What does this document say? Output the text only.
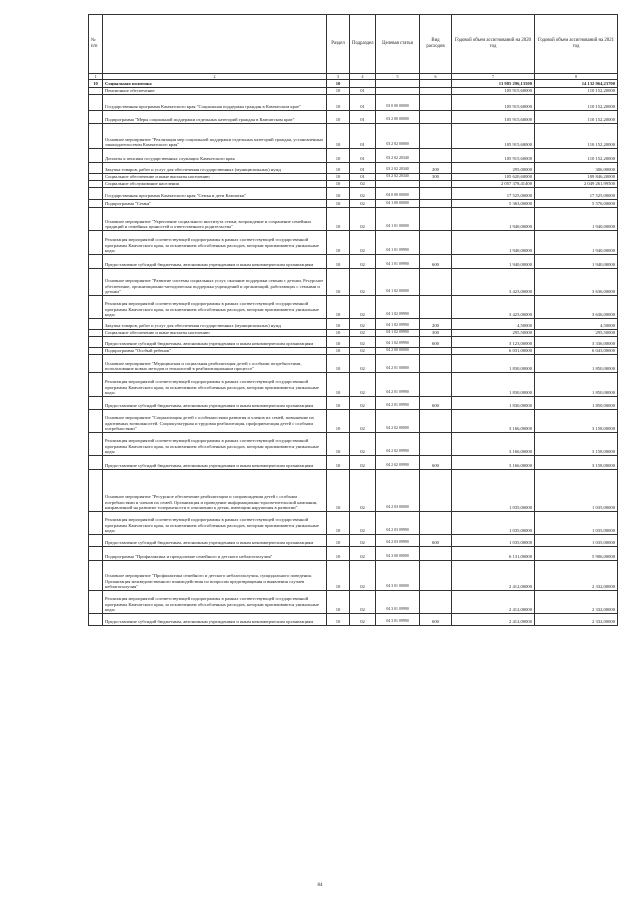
№ п/п		Раздел	Подраздел	Целевая статья	Вид расходов	Годовой объем ассигнований на 2020 год	Годовой объем ассигнований на 2021 год
1	2	3	4	5	6	7	8
10	Социальная политика	10				13 985 296,13500	14 132 964,23700
	Пенсионное обеспечение	10	01			105 915,60000	110 152,20000
	Государственная программа Камчатского края "Социальная поддержка граждан в Камчатском крае"	10	01	03 0 00 00000		105 915,60000	110 152,20000
	Подпрограмма "Меры социальной поддержки отдельных категорий граждан в Камчатском крае"	10	01	03 2 00 00000		105 915,60000	110 152,20000
	Основное мероприятие "Реализация мер социальной поддержки отдельных категорий граждан, установленных законодательством Камчатского края"	10	01	03 2 02 00000		105 915,60000	110 152,20000
	Доплаты к пенсиям государственных служащих Камчатского края	10	01	03 2 02 20340		105 915,60000	110 152,20000
	Закупка товаров, работ и услуг для обеспечения государственных (муниципальных) нужд	10	01	03 2 02 20340	200	295,00000	306,00000
	Социальное обеспечение и иные выплаты населению	10	01	03 2 02 20340	300	105 620,60000	109 846,20000
	Социальное обслуживание населения	10	02			2 057 378,41400	2 049 261,99500
	Государственная программа Камчатского края "Семья и дети Камчатки"	10	02	04 0 00 00000		17 525,00000	17 525,00000
	Подпрограмма "Семья"	10	02	04 1 00 00000		5 363,00000	5 576,00000
	Основное мероприятие "Укрепление социального института семьи, возрождение и сохранение семейных традиций и семейных ценностей и ответственного родительства"	10	02	04 1 01 00000		1 940,00000	1 940,00000
	Реализация мероприятий соответствующей подпрограммы в рамках соответствующей государственной программы Камчатского края, за исключением обособленных расходов, которым присваиваются уникальные коды	10	02	04 1 01 09990		1 940,00000	1 940,00000
	Предоставление субсидий бюджетным, автономным учреждениям и иным некоммерческим организациям	10	02	04 1 01 09990	600	1 940,00000	1 940,00000
	Основное мероприятие "Развитие системы социальных услуг, оказание поддержки семьям с детьми. Ресурсное обеспечение, организационно-методическая поддержка учреждений и организаций, работающих с семьями и детьми"	10	02	04 1 02 00000		3 423,00000	3 636,00000
	Реализация мероприятий соответствующей подпрограммы в рамках соответствующей государственной программы Камчатского края, за исключением обособленных расходов, которым присваиваются уникальные коды	10	02	04 1 02 09990		3 423,00000	3 636,00000
	Закупка товаров, работ и услуг для обеспечения государственных (муниципальных) нужд	10	02	04 1 02 09990	200	4,50000	4,50000
	Социальное обеспечение и иные выплаты населению	10	02	04 1 02 09990	300	295,50000	295,50000
	Предоставление субсидий бюджетным, автономным учреждениям и иным некоммерческим организациям	10	02	04 1 02 09990	600	3 123,00000	3 336,00000
	Подпрограмма "Особый ребенок"	10	02	04 2 00 00000		6 031,00000	6 043,00000
	Основное мероприятие "Медицинская и социальная реабилитация детей с особыми потребностями, использование новых методов и технологий в реабилитационном процессе"	10	02	04 2 01 00000		1 830,00000	1 850,00000
	Реализация мероприятий соответствующей подпрограммы в рамках соответствующей государственной программы Камчатского края, за исключением обособленных расходов, которым присваиваются уникальные коды	10	02	04 2 01 09990		1 830,00000	1 850,00000
	Предоставление субсидий бюджетным, автономным учреждениям и иным некоммерческим организациям	10	02	04 2 01 09990	600	1 830,00000	1 850,00000
	Основное мероприятие "Социализация детей с особенностями развития и членов их семей, повышение их адаптивных возможностей. Социокультурная и трудовая реабилитация, профориентация детей с особыми потребностями"	10	02	04 2 02 00000		3 166,00000	3 158,00000
	Реализация мероприятий соответствующей подпрограммы в рамках соответствующей государственной программы Камчатского края, за исключением обособленных расходов, которым присваиваются уникальные коды	10	02	04 2 02 09990		3 166,00000	3 158,00000
	Предоставление субсидий бюджетным, автономным учреждениям и иным некоммерческим организациям	10	02	04 2 02 09990	600	3 166,00000	3 158,00000
	Основное мероприятие "Ресурсное обеспечение реабилитации и сопровождения детей с особыми потребностями и членов их семей. Организация и проведение информационно-просветительской кампании, направленной на развитие толерантности в отношении к детям, имеющим нарушения в развитии"	10	02	04 2 03 00000		1 035,00000	1 035,00000
	Реализация мероприятий соответствующей подпрограммы в рамках соответствующей государственной программы Камчатского края, за исключением обособленных расходов, которым присваиваются уникальные коды	10	02	04 2 03 09990		1 035,00000	1 035,00000
	Предоставление субсидий бюджетным, автономным учреждениям и иным некоммерческим организациям	10	02	04 2 03 09990	600	1 035,00000	1 035,00000
	Подпрограмма "Профилактика и преодоление семейного и детского неблагополучия"	10	02	04 3 00 00000		6 131,00000	5 906,00000
	Основное мероприятие "Профилактика семейного и детского неблагополучия, суицидального поведения. Организация межведомственного взаимодействия по вопросам предотвращения и выявления случаев неблагополучия"	10	02	04 3 01 00000		2 412,00000	2 332,00000
	Реализация мероприятий соответствующей подпрограммы в рамках соответствующей государственной программы Камчатского края, за исключением обособленных расходов, которым присваиваются уникальные коды	10	02	04 3 01 09990		2 412,00000	2 332,00000
	Предоставление субсидий бюджетным, автономным учреждениям и иным некоммерческим организациям	10	02	04 3 01 09990	600	2 412,00000	2 332,00000
84
